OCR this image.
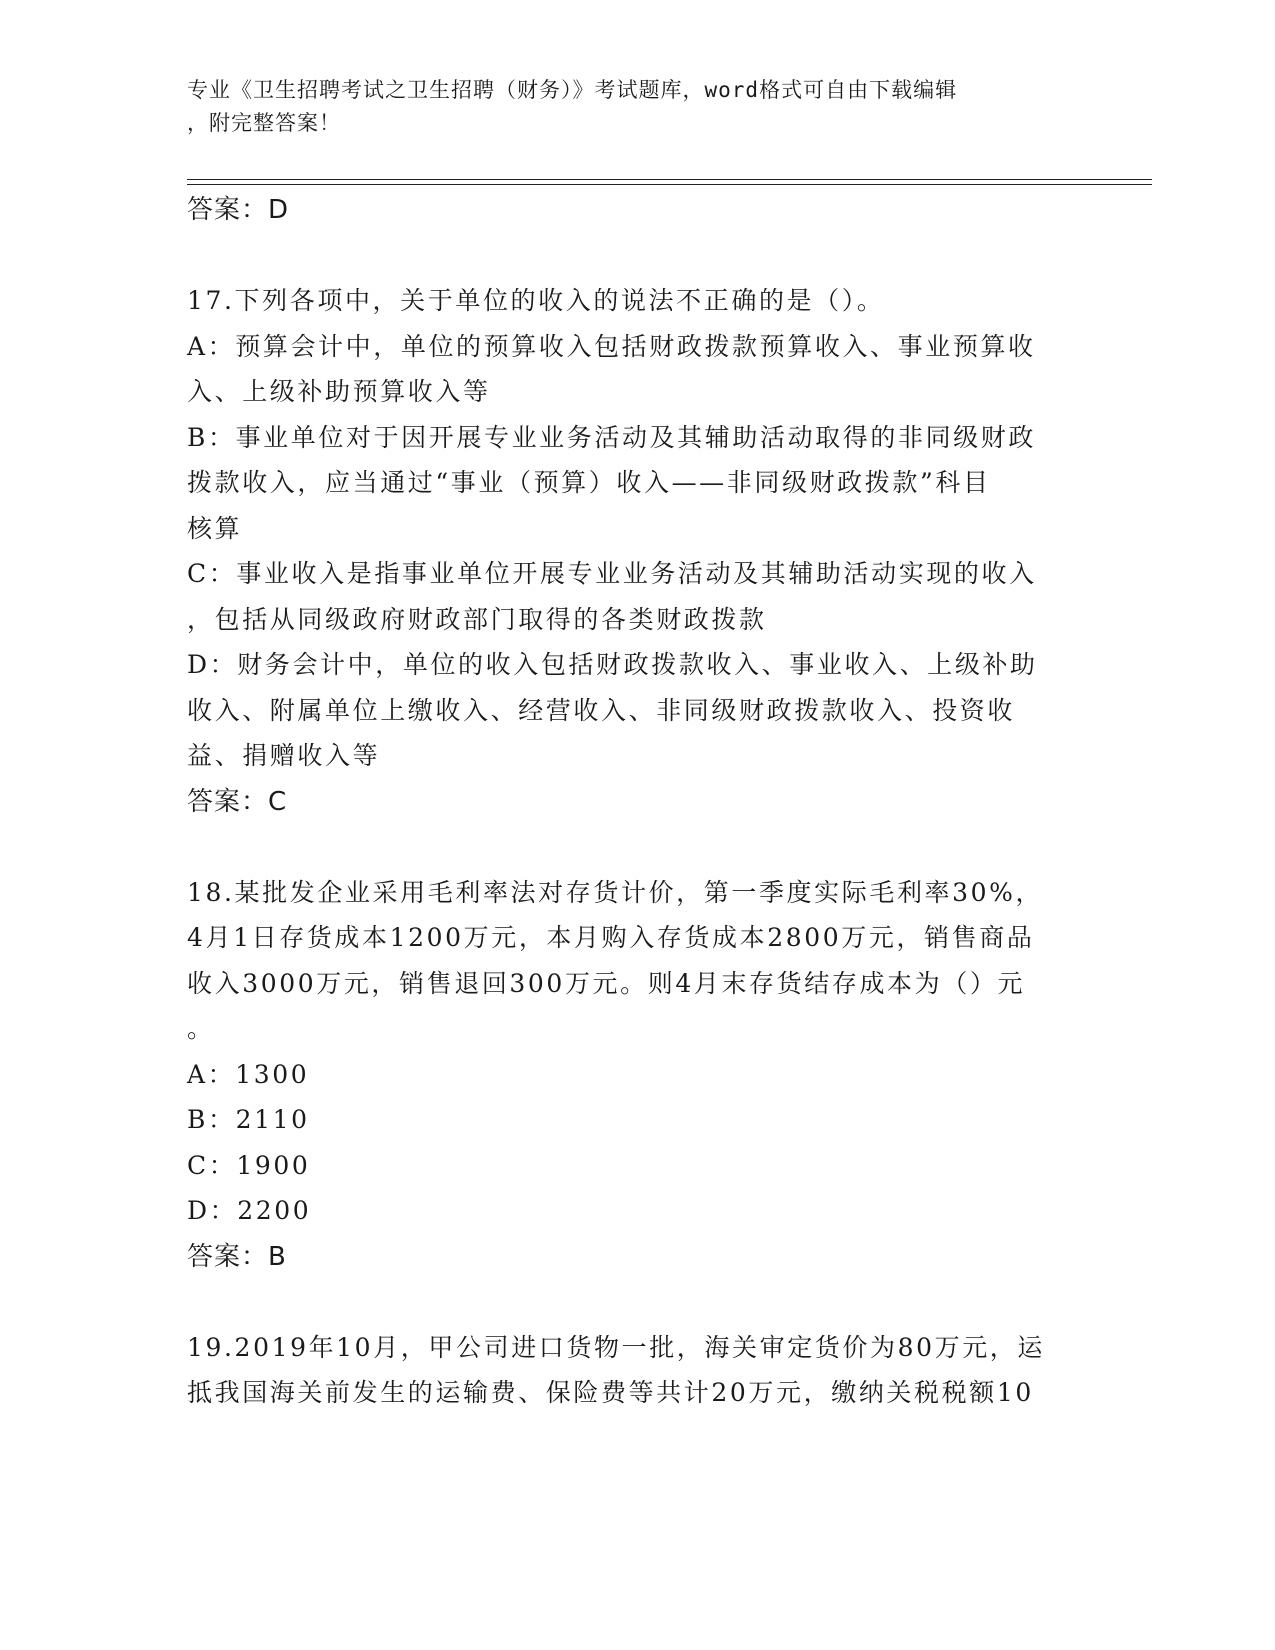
专业《卫生招聘考试之卫生招聘（财务）》考试题库，word格式可自由下载编辑
，附完整答案！
答案：D
17.下列各项中，关于单位的收入的说法不正确的是（）。
A：预算会计中，单位的预算收入包括财政拨款预算收入、事业预算收
入、上级补助预算收入等
B：事业单位对于因开展专业业务活动及其辅助活动取得的非同级财政
拨款收入，应当通过“事业（预算）收入——非同级财政拨款”科目
核算
C：事业收入是指事业单位开展专业业务活动及其辅助活动实现的收入
，包括从同级政府财政部门取得的各类财政拨款
D：财务会计中，单位的收入包括财政拨款收入、事业收入、上级补助
收入、附属单位上缴收入、经营收入、非同级财政拨款收入、投资收
益、捐赠收入等
答案：C
18.某批发企业采用毛利率法对存货计价，第一季度实际毛利率30%，
4月1日存货成本1200万元，本月购入存货成本2800万元，销售商品
收入3000万元，销售退回300万元。则4月末存货结存成本为（）元
。
A：1300
B：2110
C：1900
D：2200
答案：B
19.2019年10月，甲公司进口货物一批，海关审定货价为80万元，运
抵我国海关前发生的运输费、保险费等共计20万元，缴纳关税税额10
